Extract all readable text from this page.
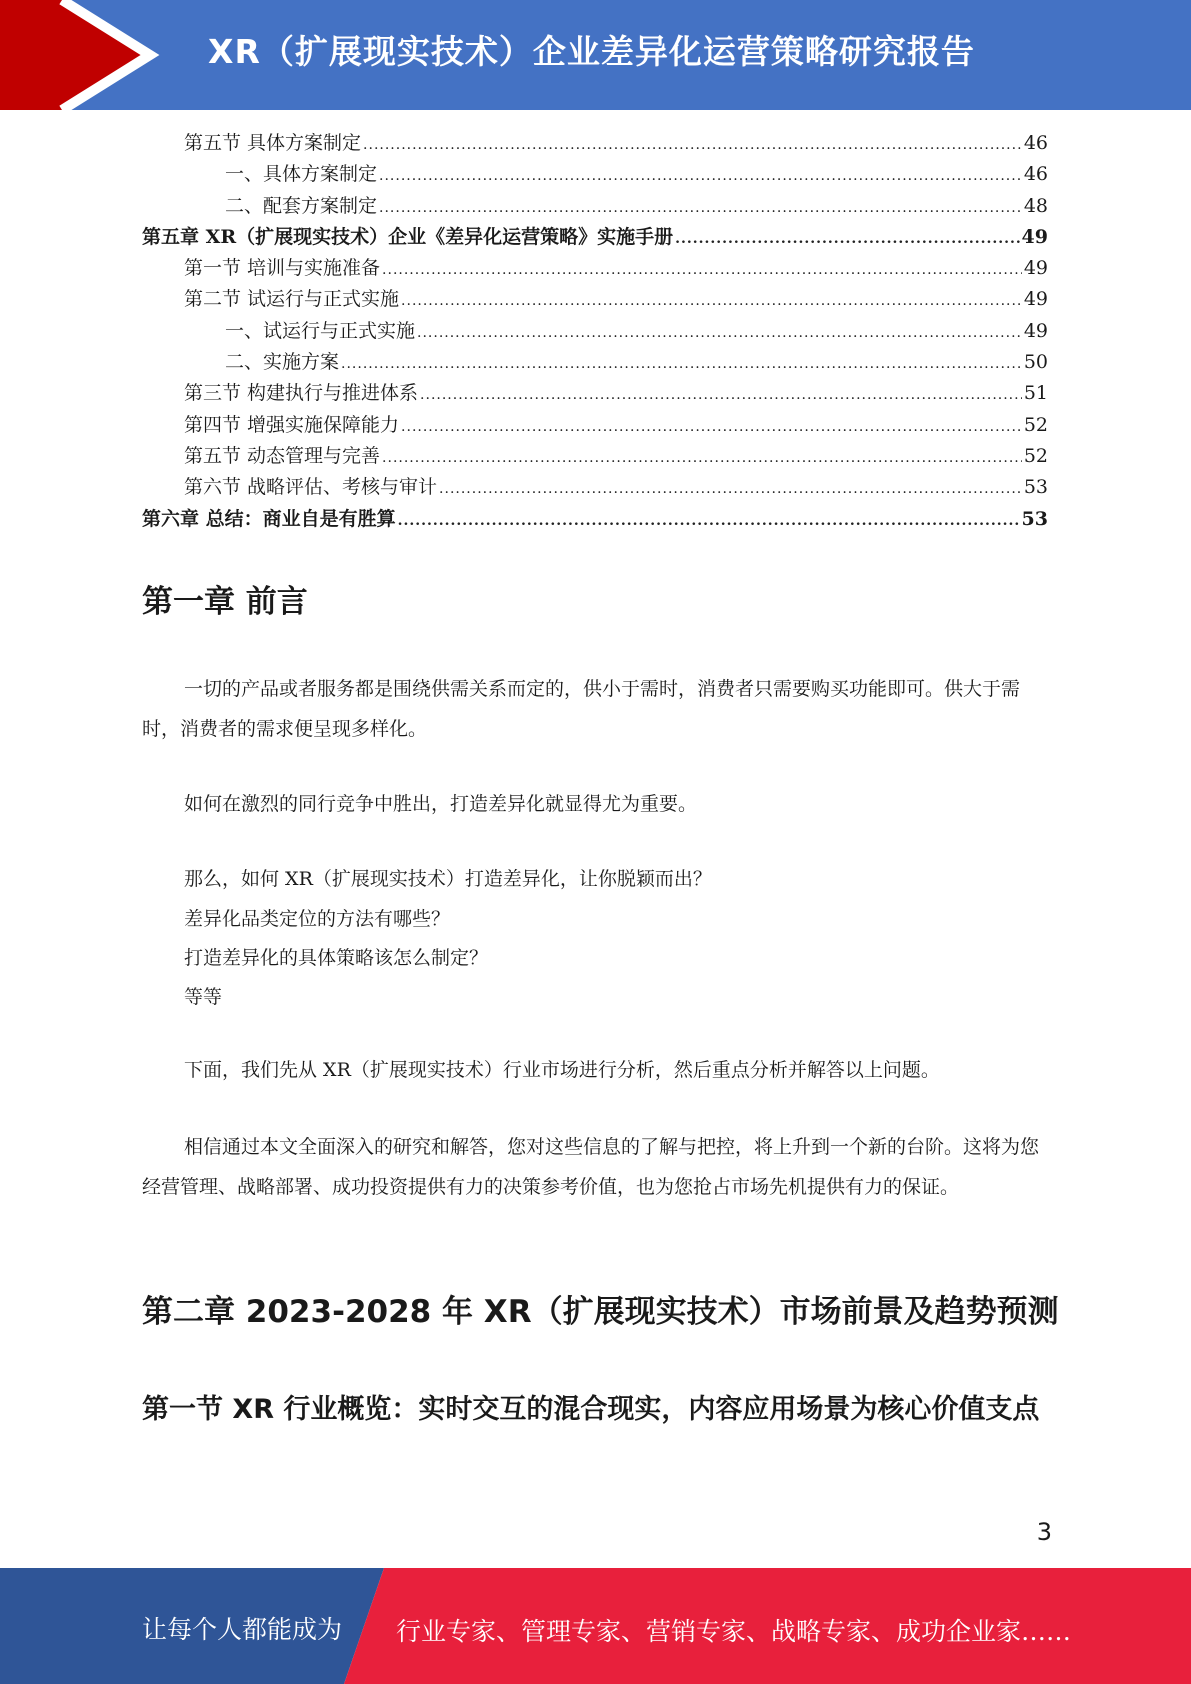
XR（扩展现实技术）企业差异化运营策略研究报告
第五节 具体方案制定 .....	46
一、具体方案制定 .....	46
二、配套方案制定 .....	48
第五章 XR（扩展现实技术）企业《差异化运营策略》实施手册 .....	49
第一节 培训与实施准备 .....	49
第二节 试运行与正式实施 .....	49
一、试运行与正式实施 .....	49
二、实施方案 .....	50
第三节 构建执行与推进体系 .....	51
第四节 增强实施保障能力 .....	52
第五节 动态管理与完善 .....	52
第六节 战略评估、考核与审计 .....	53
第六章 总结：商业自是有胜算 .....	53
第一章 前言

一切的产品或者服务都是围绕供需关系而定的，供小于需时，消费者只需要购买功能即可。供大于需时，消费者的需求便呈现多样化。

如何在激烈的同行竞争中胜出，打造差异化就显得尤为重要。

那么，如何 XR（扩展现实技术）打造差异化，让你脱颖而出？

差异化品类定位的方法有哪些？

打造差异化的具体策略该怎么制定？

等等

下面，我们先从 XR（扩展现实技术）行业市场进行分析，然后重点分析并解答以上问题。

相信通过本文全面深入的研究和解答，您对这些信息的了解与把控，将上升到一个新的台阶。这将为您经营管理、战略部署、成功投资提供有力的决策参考价值，也为您抢占市场先机提供有力的保证。

第二章 2023-2028 年 XR（扩展现实技术）市场前景及趋势预测
第一节 XR 行业概览：实时交互的混合现实，内容应用场景为核心价值支点
3
让每个人都能成为 行业专家、管理专家、营销专家、战略专家、成功企业家……
